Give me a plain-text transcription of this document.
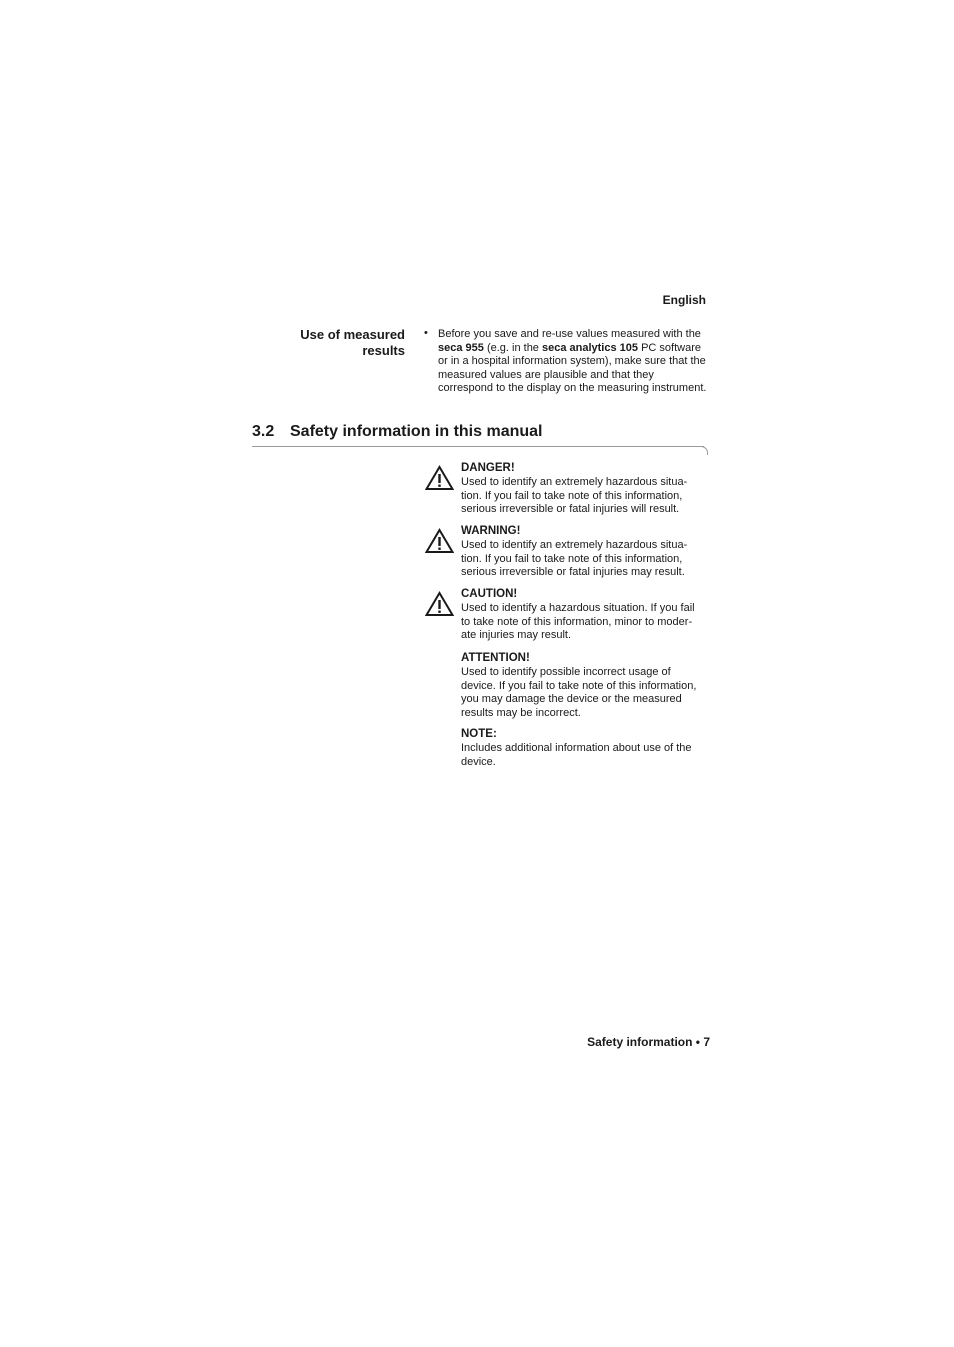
English
Use of measured
results
• Before you save and re-use values measured with the seca 955 (e.g. in the seca analytics 105 PC software or in a hospital information system), make sure that the measured values are plausible and that they correspond to the display on the measuring instrument.
3.2 Safety information in this manual
DANGER!
Used to identify an extremely hazardous situa-
tion. If you fail to take note of this information,
serious irreversible or fatal injuries will result.
WARNING!
Used to identify an extremely hazardous situa-
tion. If you fail to take note of this information,
serious irreversible or fatal injuries may result.
CAUTION!
Used to identify a hazardous situation. If you fail
to take note of this information, minor to moder-
ate injuries may result.
ATTENTION!
Used to identify possible incorrect usage of
device. If you fail to take note of this information,
you may damage the device or the measured
results may be incorrect.
NOTE:
Includes additional information about use of the
device.
Safety information • 7
